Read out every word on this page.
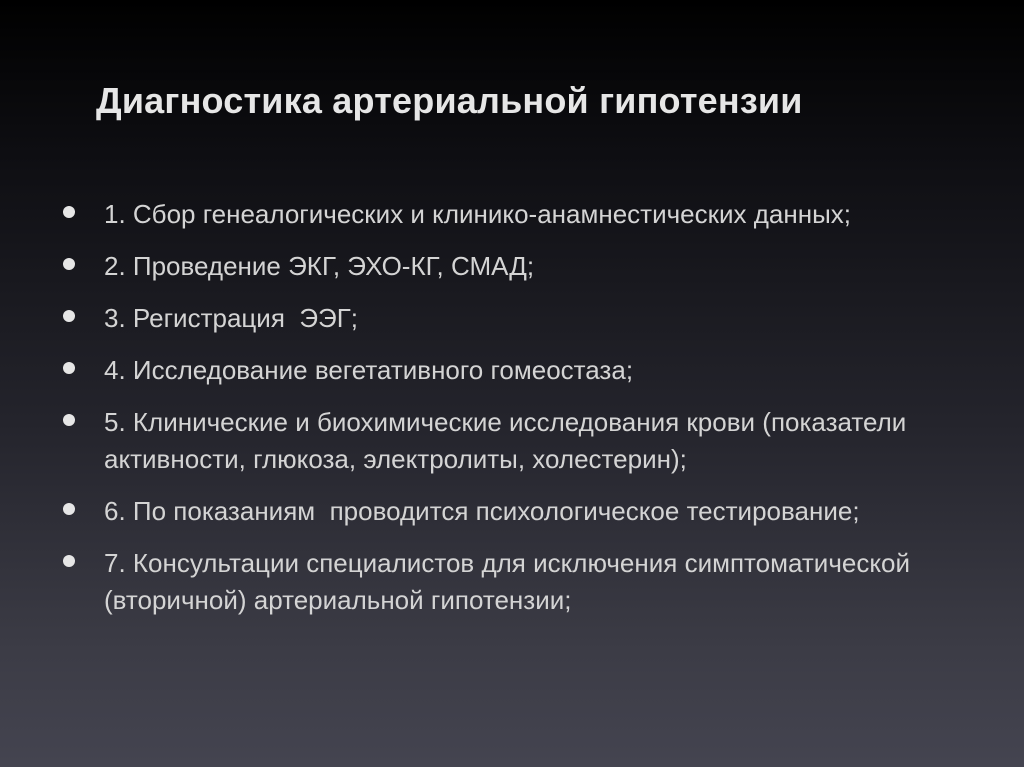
Диагностика артериальной гипотензии
1. Сбор генеалогических и клинико-анамнестических данных;
2. Проведение ЭКГ, ЭХО-КГ, СМАД;
3. Регистрация  ЭЭГ;
4. Исследование вегетативного гомеостаза;
5. Клинические и биохимические исследования крови (показатели активности, глюкоза, электролиты, холестерин);
6. По показаниям  проводится психологическое тестирование;
7. Консультации специалистов для исключения симптоматической (вторичной) артериальной гипотензии;
